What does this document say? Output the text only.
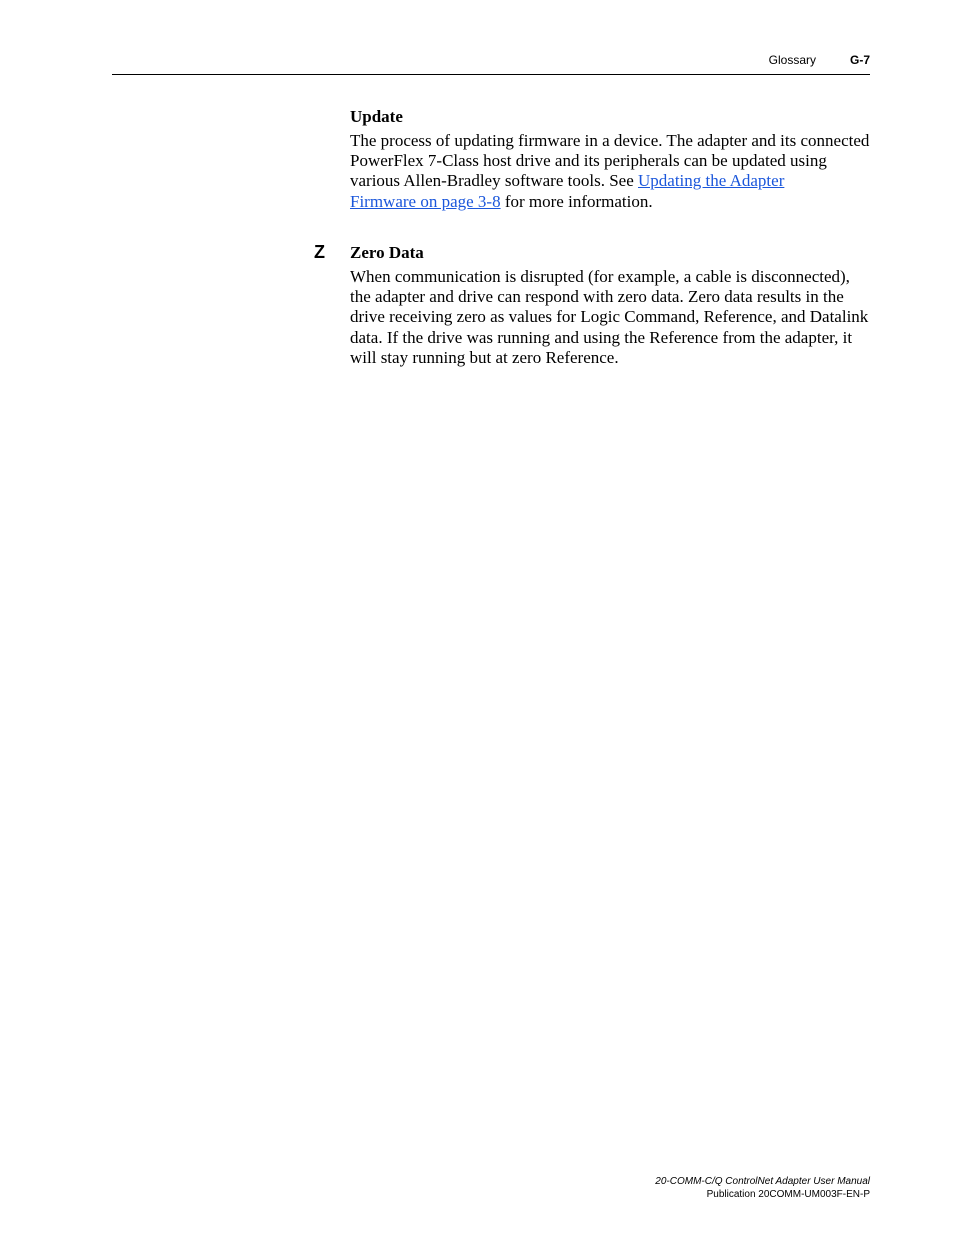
Glossary	G-7

Update

The process of updating firmware in a device. The adapter and its connected PowerFlex 7-Class host drive and its peripherals can be updated using various Allen-Bradley software tools. See Updating the Adapter
Firmware on page 3-8 for more information.

Z Zero Data

When communication is disrupted (for example, a cable is disconnected), the adapter and drive can respond with zero data. Zero data results in the drive receiving zero as values for Logic Command, Reference, and Datalink data. If the drive was running and using the Reference from the adapter, it will stay running but at zero Reference.

20-COMM-C/Q ControlNet Adapter User Manual
Publication 20COMM-UM003F-EN-P
